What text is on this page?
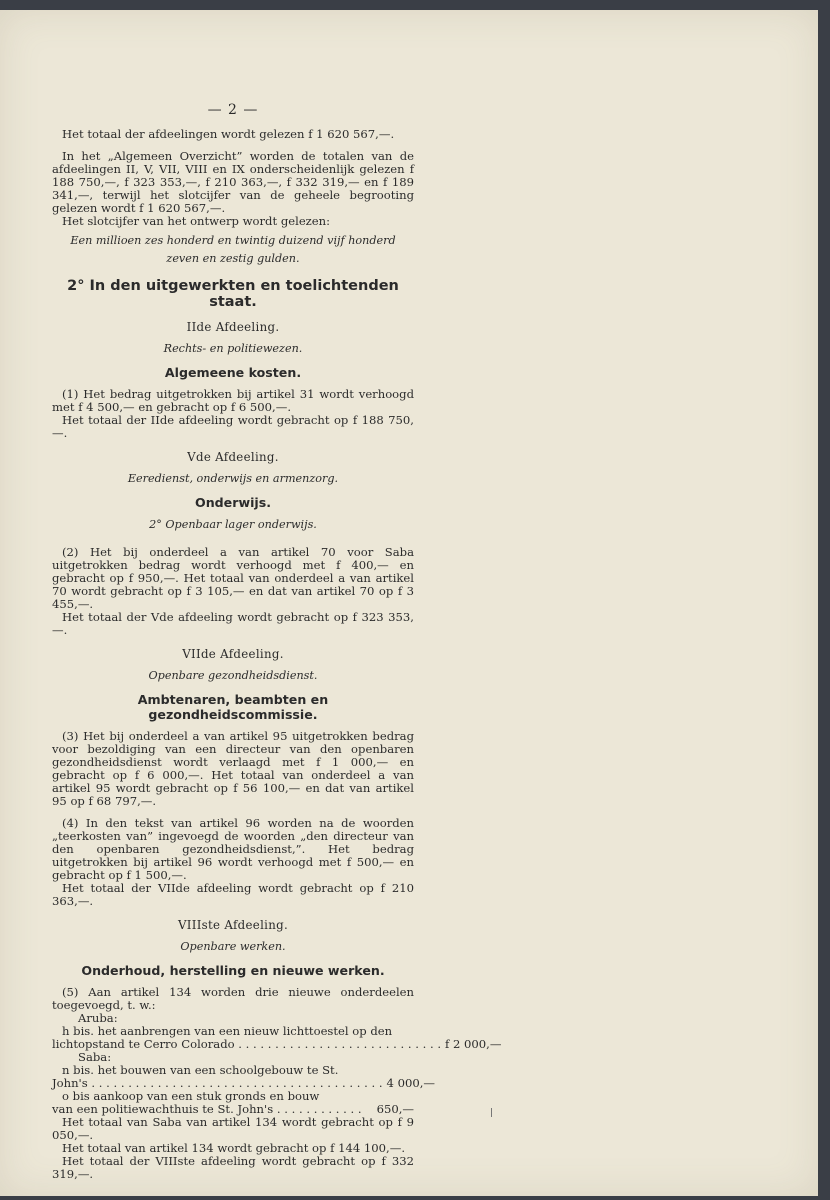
— 2 —

Het totaal der afdeelingen wordt gelezen f 1 620 567,—.

In het „Algemeen Overzicht” worden de totalen van de afdeelingen II, V, VII, VIII en IX onderscheidenlijk gelezen f 188 750,—, f 323 353,—, f 210 363,—, f 332 319,— en f 189 341,—, terwijl het slotcijfer van de geheele begrooting gelezen wordt f 1 620 567,—.

Het slotcijfer van het ontwerp wordt gelezen:

Een millioen zes honderd en twintig duizend vijf honderd
zeven en zestig gulden.
2° In den uitgewerkten en toelichtenden staat.
IIde Afdeeling.
Rechts- en politiewezen.
Algemeene kosten.

(1) Het bedrag uitgetrokken bij artikel 31 wordt verhoogd met f 4 500,— en gebracht op f 6 500,—.

Het totaal der IIde afdeeling wordt gebracht op f 188 750,—.

Vde Afdeeling.
Eeredienst, onderwijs en armenzorg.
Onderwijs.
2° Openbaar lager onderwijs.

(2) Het bij onderdeel a van artikel 70 voor Saba uitgetrokken bedrag wordt verhoogd met f 400,— en gebracht op f 950,—. Het totaal van onderdeel a van artikel 70 wordt gebracht op f 3 105,— en dat van artikel 70 op f 3 455,—.

Het totaal der Vde afdeeling wordt gebracht op f 323 353,—.

VIIde Afdeeling.
Openbare gezondheidsdienst.
Ambtenaren, beambten en gezondheidscommissie.

(3) Het bij onderdeel a van artikel 95 uitgetrokken bedrag voor bezoldiging van een directeur van den openbaren gezondheidsdienst wordt verlaagd met f 1 000,— en gebracht op f 6 000,—. Het totaal van onderdeel a van artikel 95 wordt gebracht op f 56 100,— en dat van artikel 95 op f 68 797,—.

(4) In den tekst van artikel 96 worden na de woorden „teerkosten van” ingevoegd de woorden „den directeur van den openbaren gezondheidsdienst,”. Het bedrag uitgetrokken bij artikel 96 wordt verhoogd met f 500,— en gebracht op f 1 500,—.

Het totaal der VIIde afdeeling wordt gebracht op f 210 363,—.

VIIIste Afdeeling.
Openbare werken.
Onderhoud, herstelling en nieuwe werken.

(5) Aan artikel 134 worden drie nieuwe onderdeelen toegevoegd, t. w.:

Aruba:

h bis. het aanbrengen van een nieuw lichttoestel op den

lichtopstand te Cerro Colorado . . . . . . . . . . . . . . . . . . . . . . . . . . . . f 2 000,—

Saba:

n bis. het bouwen van een schoolgebouw te St.

John's . . . . . . . . . . . . . . . . . . . . . . . . . . . . . . . . . . . . . . . . 4 000,—

o bis aankoop van een stuk gronds en bouw

van een politiewachthuis te St. John's . . . . . . . . . . . .	650,—

Het totaal van Saba van artikel 134 wordt gebracht op f 9 050,—.

Het totaal van artikel 134 wordt gebracht op f 144 100,—.

Het totaal der VIIIste afdeeling wordt gebracht op f 332 319,—.
